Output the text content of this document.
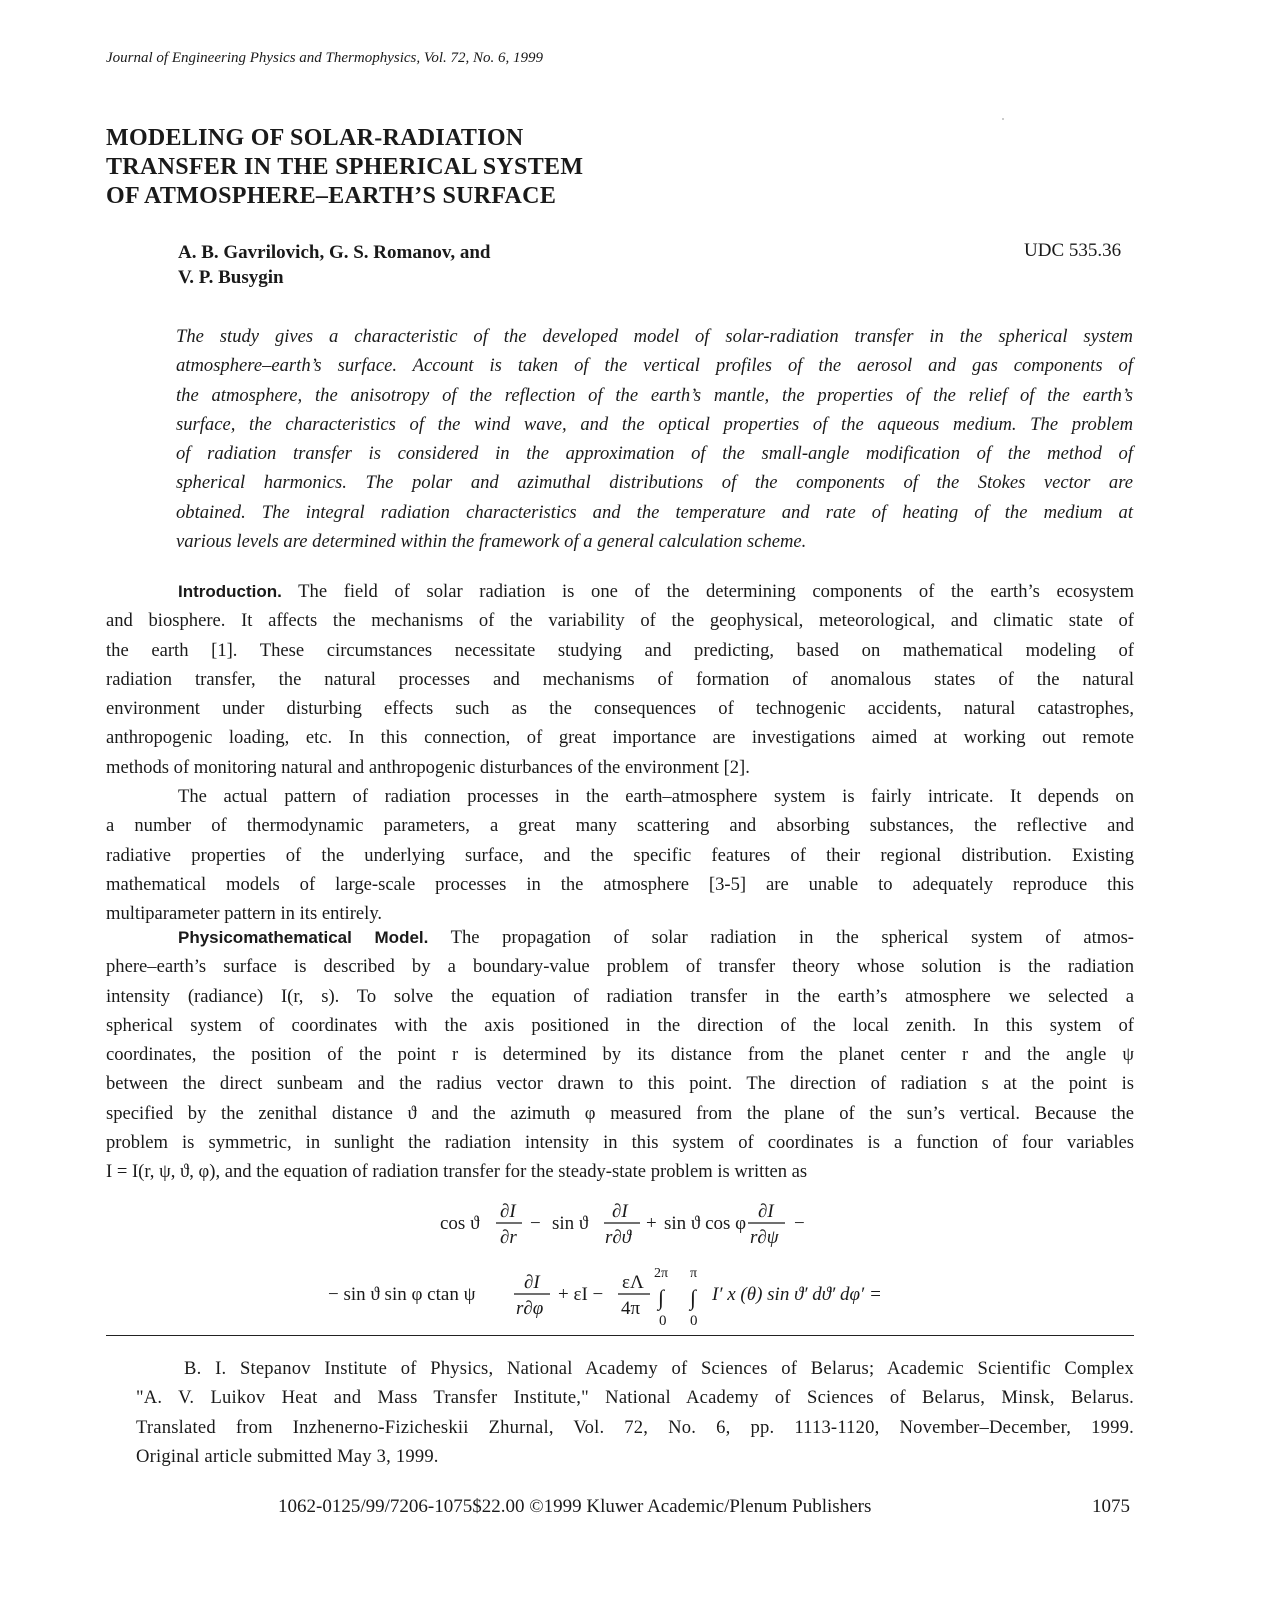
Journal of Engineering Physics and Thermophysics, Vol. 72, No. 6, 1999
MODELING OF SOLAR-RADIATION
TRANSFER IN THE SPHERICAL SYSTEM
OF ATMOSPHERE–EARTH’S SURFACE
A. B. Gavrilovich, G. S. Romanov, and
V. P. Busygin
UDC 535.36
The study gives a characteristic of the developed model of solar-radiation transfer in the spherical system
atmosphere–earth’s surface. Account is taken of the vertical profiles of the aerosol and gas components of
the atmosphere, the anisotropy of the reflection of the earth’s mantle, the properties of the relief of the earth’s
surface, the characteristics of the wind wave, and the optical properties of the aqueous medium. The problem
of radiation transfer is considered in the approximation of the small-angle modification of the method of
spherical harmonics. The polar and azimuthal distributions of the components of the Stokes vector are
obtained. The integral radiation characteristics and the temperature and rate of heating of the medium at
various levels are determined within the framework of a general calculation scheme.
Introduction. The field of solar radiation is one of the determining components of the earth’s ecosystem
and biosphere. It affects the mechanisms of the variability of the geophysical, meteorological, and climatic state of
the earth [1]. These circumstances necessitate studying and predicting, based on mathematical modeling of
radiation transfer, the natural processes and mechanisms of formation of anomalous states of the natural
environment under disturbing effects such as the consequences of technogenic accidents, natural catastrophes,
anthropogenic loading, etc. In this connection, of great importance are investigations aimed at working out remote
methods of monitoring natural and anthropogenic disturbances of the environment [2].
The actual pattern of radiation processes in the earth–atmosphere system is fairly intricate. It depends on
a number of thermodynamic parameters, a great many scattering and absorbing substances, the reflective and
radiative properties of the underlying surface, and the specific features of their regional distribution. Existing
mathematical models of large-scale processes in the atmosphere [3-5] are unable to adequately reproduce this
multiparameter pattern in its entirely.
Physicomathematical Model. The propagation of solar radiation in the spherical system of atmos-
phere–earth’s surface is described by a boundary-value problem of transfer theory whose solution is the radiation
intensity (radiance) I(r, s). To solve the equation of radiation transfer in the earth’s atmosphere we selected a
spherical system of coordinates with the axis positioned in the direction of the local zenith. In this system of
coordinates, the position of the point r is determined by its distance from the planet center r and the angle ψ
between the direct sunbeam and the radius vector drawn to this point. The direction of radiation s at the point is
specified by the zenithal distance ϑ and the azimuth φ measured from the plane of the sun’s vertical. Because the
problem is symmetric, in sunlight the radiation intensity in this system of coordinates is a function of four variables
I = I(r, ψ, ϑ, φ), and the equation of radiation transfer for the steady-state problem is written as
cos ϑ
∂I
∂r
− sin ϑ
∂I
r∂ϑ
+ sin ϑ cos φ
∂I
r∂ψ
−
− sin ϑ sin φ ctan ψ
∂I
r∂φ
+ εI −
εΛ
4π
2π
∫
0
π
∫
0
I′ x (θ) sin ϑ′ dϑ′ dφ′ =
B. I. Stepanov Institute of Physics, National Academy of Sciences of Belarus; Academic Scientific Complex
"A. V. Luikov Heat and Mass Transfer Institute," National Academy of Sciences of Belarus, Minsk, Belarus.
Translated from Inzhenerno-Fizicheskii Zhurnal, Vol. 72, No. 6, pp. 1113-1120, November–December, 1999.
Original article submitted May 3, 1999.
1062-0125/99/7206-1075$22.00 ©1999 Kluwer Academic/Plenum Publishers	1075
